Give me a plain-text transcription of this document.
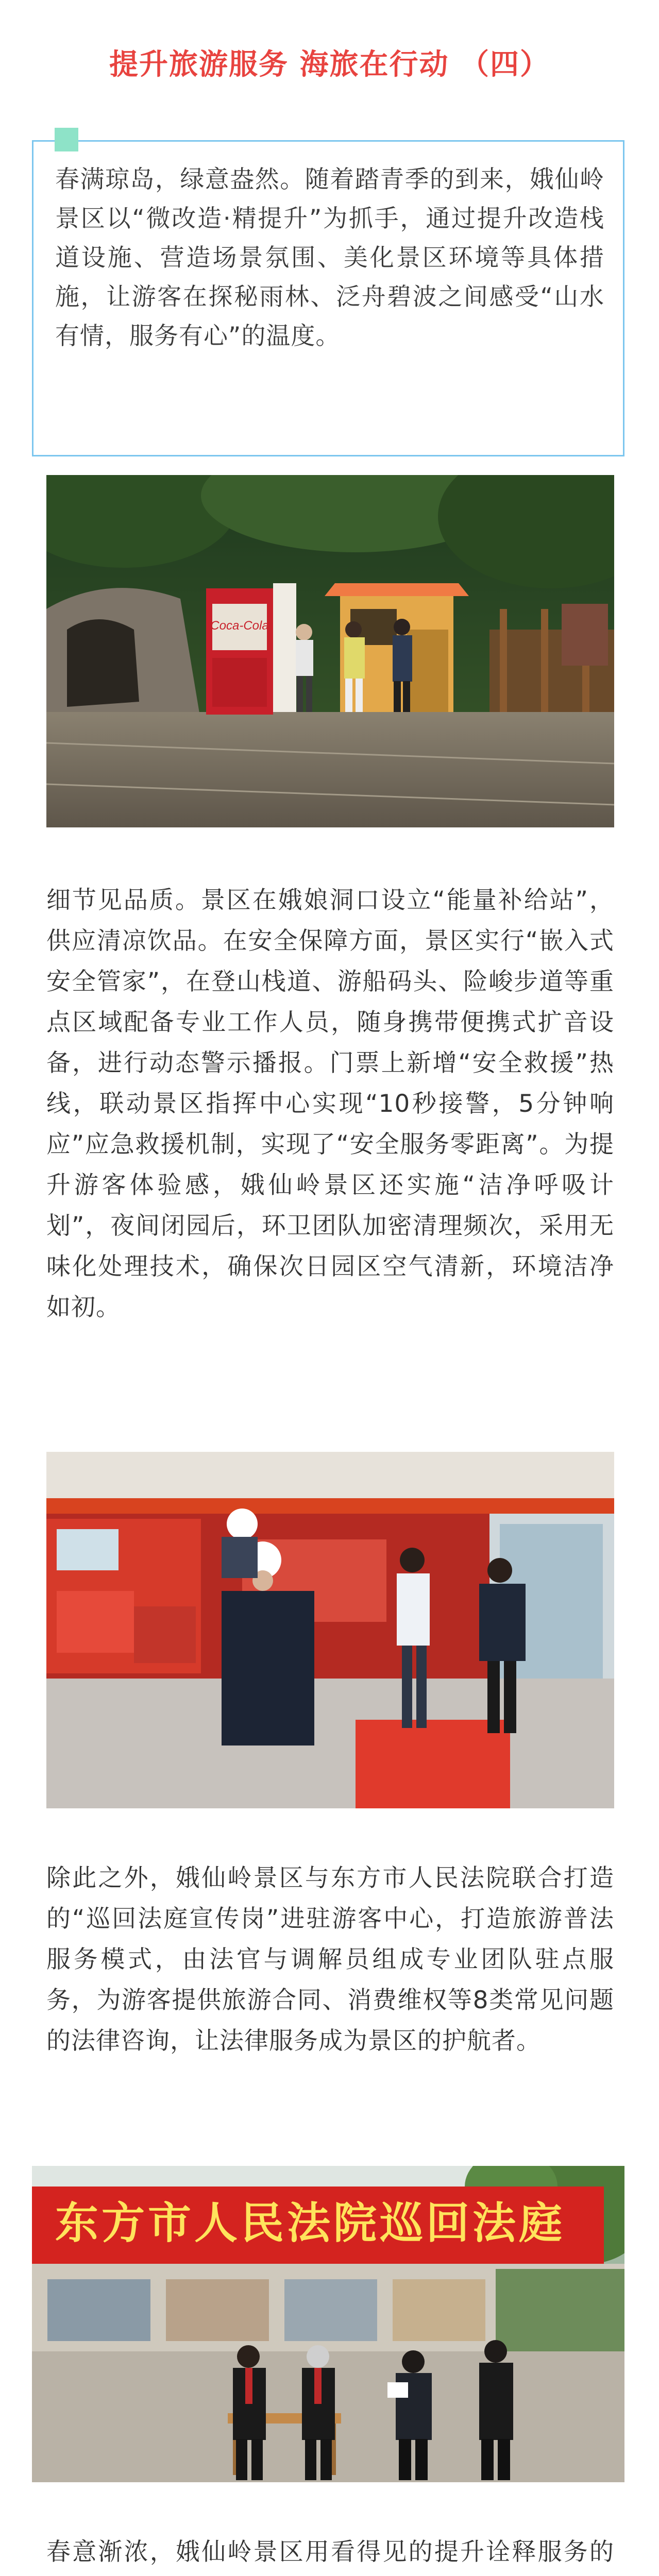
提升旅游服务 海旅在行动 （四）
春满琼岛，绿意盎然。随着踏青季的到来，娥仙岭景区以“微改造·精提升”为抓手，通过提升改造栈道设施、营造场景氛围、美化景区环境等具体措施，让游客在探秘雨林、泛舟碧波之间感受“山水有情，服务有心”的温度。
Coca-Cola
细节见品质。景区在娥娘洞口设立“能量补给站”，供应清凉饮品。在安全保障方面，景区实行“嵌入式安全管家”，在登山栈道、游船码头、险峻步道等重点区域配备专业工作人员，随身携带便携式扩音设备，进行动态警示播报。门票上新增“安全救援”热线，联动景区指挥中心实现“10秒接警，5分钟响应”应急救援机制，实现了“安全服务零距离”。为提升游客体验感，娥仙岭景区还实施“洁净呼吸计划”，夜间闭园后，环卫团队加密清理频次，采用无味化处理技术，确保次日园区空气清新，环境洁净如初。
除此之外，娥仙岭景区与东方市人民法院联合打造的“巡回法庭宣传岗”进驻游客中心，打造旅游普法服务模式，由法官与调解员组成专业团队驻点服务，为游客提供旅游合同、消费维权等8类常见问题的法律咨询，让法律服务成为景区的护航者。
东方市人民法院巡回法庭
春意渐浓，娥仙岭景区用看得见的提升诠释服务的
